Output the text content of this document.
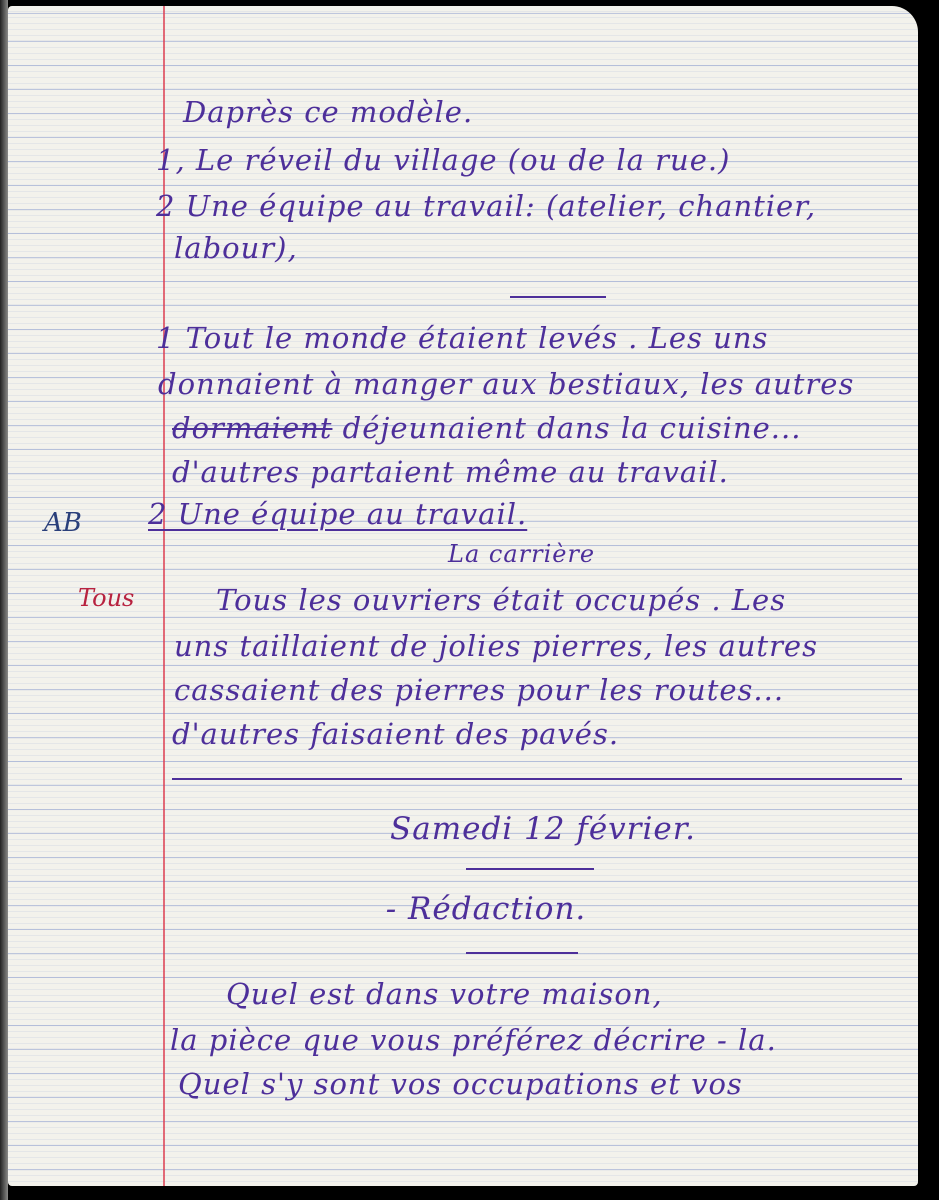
Daprès ce modèle.
1, Le réveil du village (ou de la rue.)
2 Une équipe au travail: (atelier, chantier,
labour),
1 Tout le monde étaient levés . Les uns
donnaient à manger aux bestiaux, les autres
dormaient déjeunaient dans la cuisine...
d'autres partaient même au travail.
2 Une équipe au travail.
La carrière
Tous les ouvriers était occupés . Les
uns taillaient de jolies pierres, les autres
cassaient des pierres pour les routes...
d'autres faisaient des pavés.
Samedi 12 février.
- Rédaction.
Quel est dans votre maison,
la pièce que vous préférez décrire - la.
Quel s'y sont vos occupations et vos
AB
Tous
